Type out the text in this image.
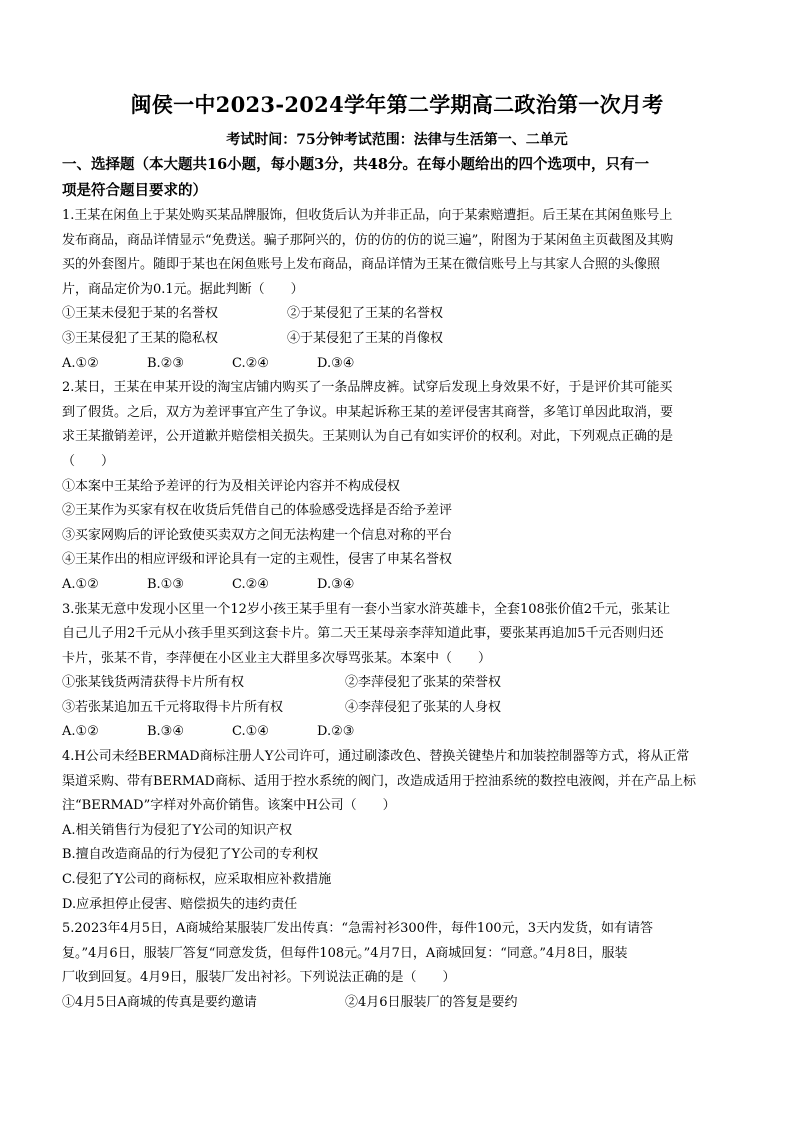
闽侯一中2023-2024学年第二学期高二政治第一次月考
考试时间：75分钟考试范围：法律与生活第一、二单元

一、选择题（本大题共16小题，每小题3分，共48分。在每小题给出的四个选项中，只有一

项是符合题目要求的）

1.王某在闲鱼上于某处购买某品牌服饰，但收货后认为并非正品，向于某索赔遭拒。后王某在其闲鱼账号上

发布商品，商品详情显示“免费送。骗子那阿兴的，仿的仿的仿的说三遍”，附图为于某闲鱼主页截图及其购

买的外套图片。随即于某也在闲鱼账号上发布商品，商品详情为王某在微信账号上与其家人合照的头像照

片，商品定价为0.1元。据此判断（　　）

①王某未侵犯于某的名誉权	②于某侵犯了王某的名誉权
③王某侵犯了王某的隐私权	④于某侵犯了王某的肖像权
A.①②	B.②③	C.②④	D.③④

2.某日，王某在申某开设的淘宝店铺内购买了一条品牌皮裤。试穿后发现上身效果不好，于是评价其可能买

到了假货。之后，双方为差评事宜产生了争议。申某起诉称王某的差评侵害其商誉，多笔订单因此取消，要

求王某撤销差评，公开道歉并赔偿相关损失。王某则认为自己有如实评价的权利。对此，下列观点正确的是

（　　）

①本案中王某给予差评的行为及相关评论内容并不构成侵权

②王某作为买家有权在收货后凭借自己的体验感受选择是否给予差评

③买家网购后的评论致使买卖双方之间无法构建一个信息对称的平台

④王某作出的相应评级和评论具有一定的主观性，侵害了申某名誉权

A.①②	B.①③	C.②④	D.③④

3.张某无意中发现小区里一个12岁小孩王某手里有一套小当家水浒英雄卡，全套108张价值2千元，张某让

自己儿子用2千元从小孩手里买到这套卡片。第二天王某母亲李萍知道此事，要张某再追加5千元否则归还

卡片，张某不肯，李萍便在小区业主大群里多次辱骂张某。本案中（　　）

①张某钱货两清获得卡片所有权	②李萍侵犯了张某的荣誉权
③若张某追加五千元将取得卡片所有权	④李萍侵犯了张某的人身权
A.①②	B.③④	C.①④	D.②③

4.H公司未经BERMAD商标注册人Y公司许可，通过刷漆改色、替换关键垫片和加装控制器等方式，将从正常

渠道采购、带有BERMAD商标、适用于控水系统的阀门，改造成适用于控油系统的数控电液阀，并在产品上标

注“BERMAD”字样对外高价销售。该案中H公司（　　）

A.相关销售行为侵犯了Y公司的知识产权

B.擅自改造商品的行为侵犯了Y公司的专利权

C.侵犯了Y公司的商标权，应采取相应补救措施

D.应承担停止侵害、赔偿损失的违约责任

5.2023年4月5日，A商城给某服装厂发出传真：“急需衬衫300件，每件100元，3天内发货，如有请答

复。”4月6日，服装厂答复“同意发货，但每件108元。”4月7日，A商城回复：“同意。”4月8日，服装

厂收到回复。4月9日，服装厂发出衬衫。下列说法正确的是（　　）

①4月5日A商城的传真是要约邀请	②4月6日服装厂的答复是要约
